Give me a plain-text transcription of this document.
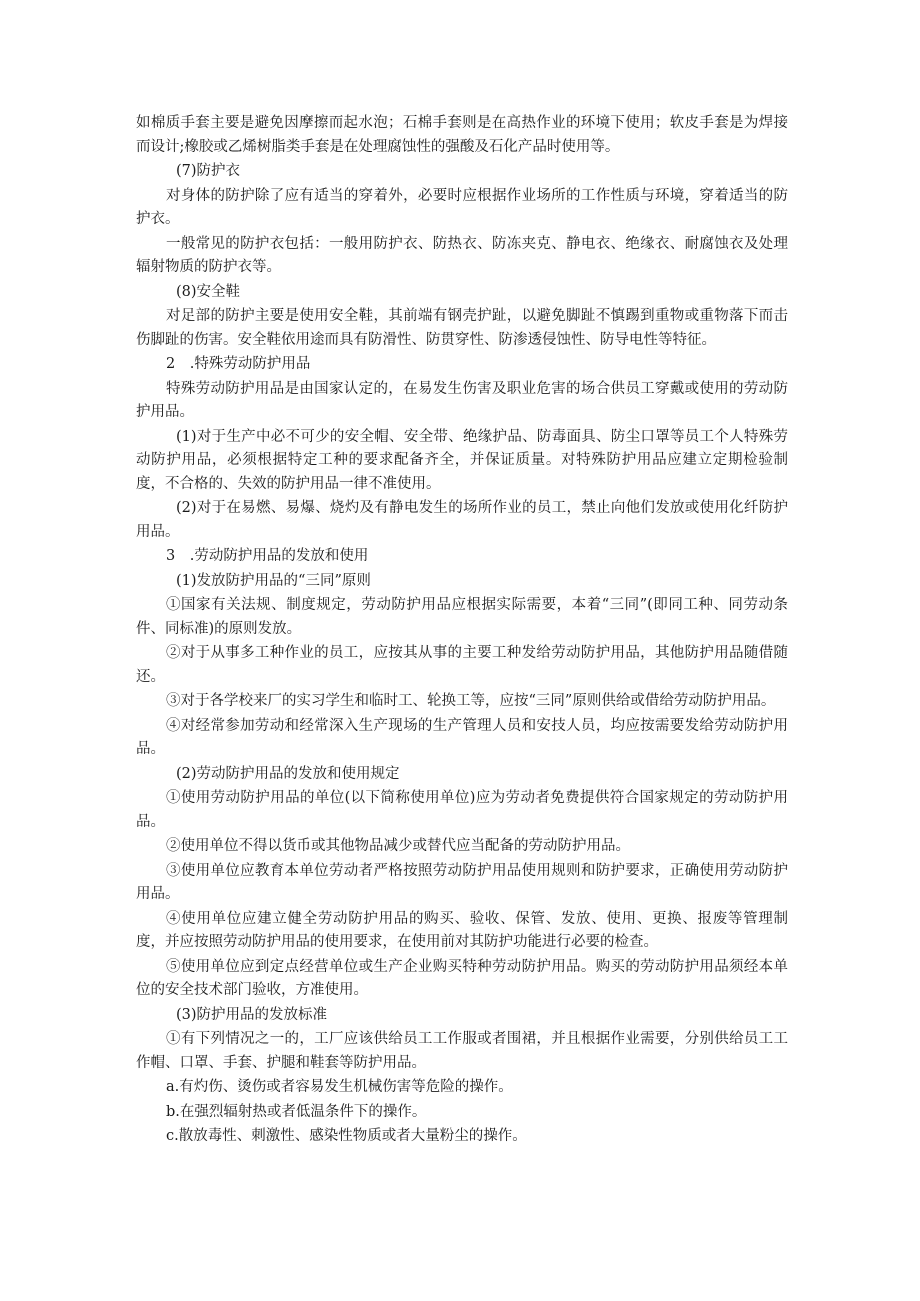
如棉质手套主要是避免因摩擦而起水泡；石棉手套则是在高热作业的环境下使用；软皮手套是为焊接而设计;橡胶或乙烯树脂类手套是在处理腐蚀性的强酸及石化产品时使用等。

(7)防护衣

对身体的防护除了应有适当的穿着外，必要时应根据作业场所的工作性质与环境，穿着适当的防护衣。

一般常见的防护衣包括：一般用防护衣、防热衣、防冻夹克、静电衣、绝缘衣、耐腐蚀衣及处理辐射物质的防护衣等。

(8)安全鞋

对足部的防护主要是使用安全鞋，其前端有钢壳护趾，以避免脚趾不慎踢到重物或重物落下而击伤脚趾的伤害。安全鞋依用途而具有防滑性、防贯穿性、防渗透侵蚀性、防导电性等特征。

2　.特殊劳动防护用品

特殊劳动防护用品是由国家认定的，在易发生伤害及职业危害的场合供员工穿戴或使用的劳动防护用品。

(1)对于生产中必不可少的安全帽、安全带、绝缘护品、防毒面具、防尘口罩等员工个人特殊劳动防护用品，必须根据特定工种的要求配备齐全，并保证质量。对特殊防护用品应建立定期检验制度，不合格的、失效的防护用品一律不准使用。

(2)对于在易燃、易爆、烧灼及有静电发生的场所作业的员工，禁止向他们发放或使用化纤防护用品。

3　.劳动防护用品的发放和使用

(1)发放防护用品的“三同”原则

①国家有关法规、制度规定，劳动防护用品应根据实际需要，本着“三同”(即同工种、同劳动条件、同标准)的原则发放。

②对于从事多工种作业的员工，应按其从事的主要工种发给劳动防护用品，其他防护用品随借随还。

③对于各学校来厂的实习学生和临时工、轮换工等，应按“三同”原则供给或借给劳动防护用品。

④对经常参加劳动和经常深入生产现场的生产管理人员和安技人员，均应按需要发给劳动防护用品。

(2)劳动防护用品的发放和使用规定

①使用劳动防护用品的单位(以下简称使用单位)应为劳动者免费提供符合国家规定的劳动防护用品。

②使用单位不得以货币或其他物品减少或替代应当配备的劳动防护用品。

③使用单位应教育本单位劳动者严格按照劳动防护用品使用规则和防护要求，正确使用劳动防护用品。

④使用单位应建立健全劳动防护用品的购买、验收、保管、发放、使用、更换、报废等管理制度，并应按照劳动防护用品的使用要求，在使用前对其防护功能进行必要的检查。

⑤使用单位应到定点经营单位或生产企业购买特种劳动防护用品。购买的劳动防护用品须经本单位的安全技术部门验收，方准使用。

(3)防护用品的发放标准

①有下列情况之一的，工厂应该供给员工工作服或者围裙，并且根据作业需要，分别供给员工工作帽、口罩、手套、护腿和鞋套等防护用品。

a.有灼伤、烫伤或者容易发生机械伤害等危险的操作。

b.在强烈辐射热或者低温条件下的操作。

c.散放毒性、刺激性、感染性物质或者大量粉尘的操作。
